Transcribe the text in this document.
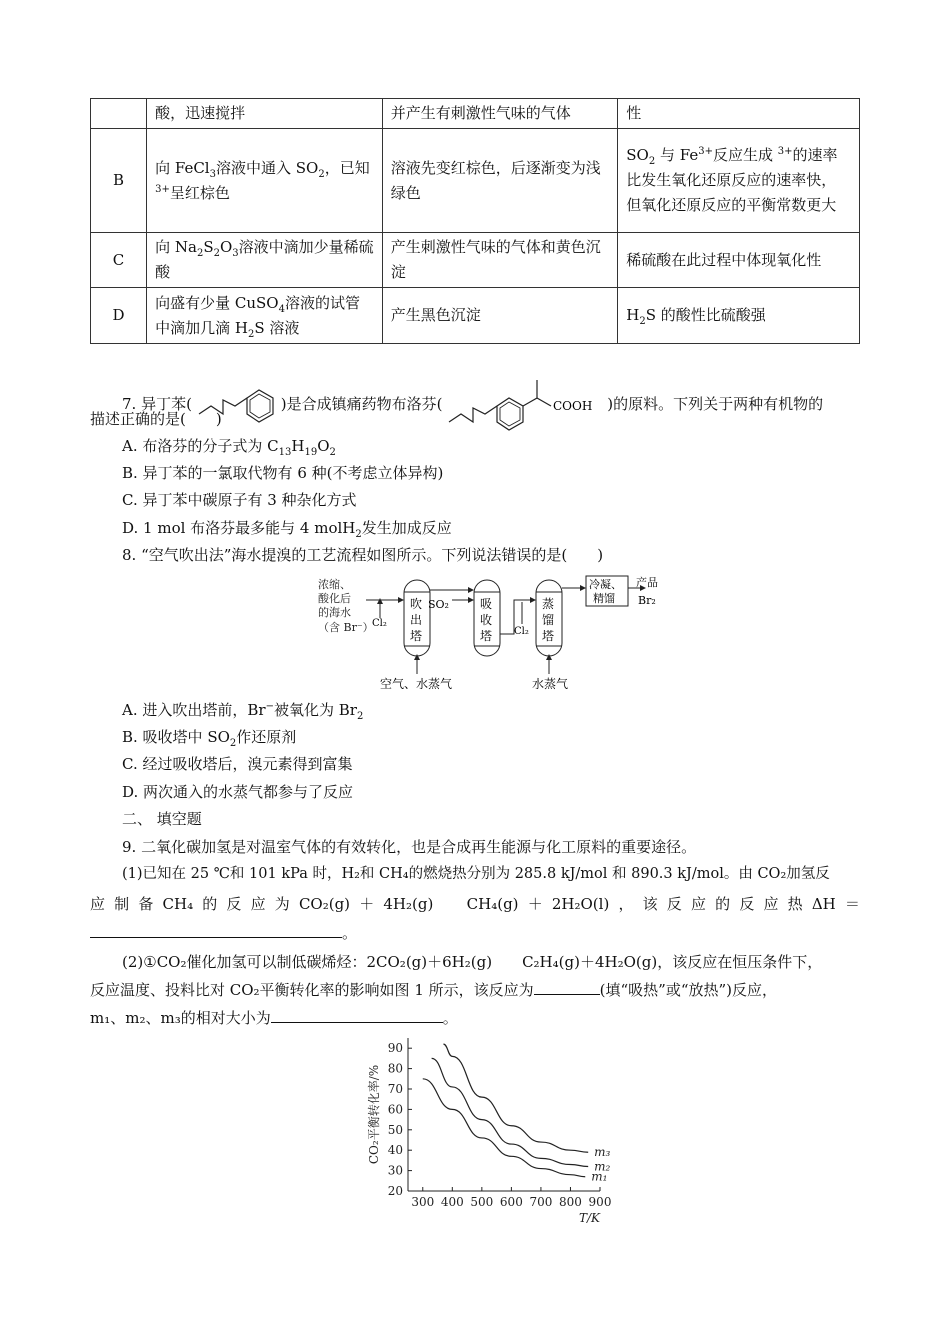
	酸，迅速搅拌	并产生有刺激性气味的气体	性
B	向 FeCl$_3$溶液中通入 $SO_2$，已知 $^{3+}$呈红棕色	溶液先变红棕色，后逐渐变为浅绿色	$SO_2$ 与 $Fe^{3+}$反应生成 $^{3+}$的速率比发生氧化还原反应的速率快，但氧化还原反应的平衡常数更大
C	向 $Na_2S_2O_3$溶液中滴加少量稀硫酸	产生刺激性气味的气体和黄色沉淀	稀硫酸在此过程中体现氧化性
D	向盛有少量 CuSO$_4$溶液的试管中滴加几滴 $H_2S$ 溶液	产生黑色沉淀	$H_2S$ 的酸性比硫酸强
7. 异丁苯(	)是合成镇痛药物布洛芬(	COOH )的原料。下列关于两种有机物的
描述正确的是(　　)
A. 布洛芬的分子式为 $C_{13}H_{19}O_2$
B. 异丁苯的一氯取代物有 6 种(不考虑立体异构)
C. 异丁苯中碳原子有 3 种杂化方式
D. 1 mol 布洛芬最多能与 4 molH$_2$发生加成反应
8. “空气吹出法”海水提溴的工艺流程如图所示。下列说法错误的是(　　)
浓缩、
酸化后
的海水
（含 Br⁻）
Cl₂
吹
出
塔
SO₂	吸
收
塔 Cl₂
蒸
馏
塔
冷凝、
精馏
产品
Br₂
空气、水蒸气	水蒸气
A. 进入吹出塔前，Br−被氧化为 $Br_2$
B. 吸收塔中 $SO_2$作还原剂
C. 经过吸收塔后，溴元素得到富集
D. 两次通入的水蒸气都参与了反应
二、 填空题
9. 二氧化碳加氢是对温室气体的有效转化，也是合成再生能源与化工原料的重要途径。
(1)已知在 25 ℃和 101 kPa 时，H₂和 CH₄的燃烧热分别为 285.8 kJ/mol 和 890.3 kJ/mol。由 CO₂加氢反
应 制 备 CH₄ 的 反 应 为 CO₂(g) ＋ 4H₂(g)
　 CH₄(g) ＋ 2H₂O(l) ， 该 反 应 的 反 应 热 ΔH ＝
。
(2)①CO₂催化加氢可以制低碳烯烃：2CO₂(g)＋6H₂(g)　　C₂H₄(g)＋4H₂O(g)，该反应在恒压条件下，
反应温度、投料比对 CO₂平衡转化率的影响如图 1 所示，该反应为	(填“吸热”或“放热”)反应，
m₁、m₂、m₃的相对大小为	。
20
30
40
50
60
70
80
90
300 400 500 600 700 800 900
T/K
CO₂平衡转化率/%
m₁
m₂
m₃
